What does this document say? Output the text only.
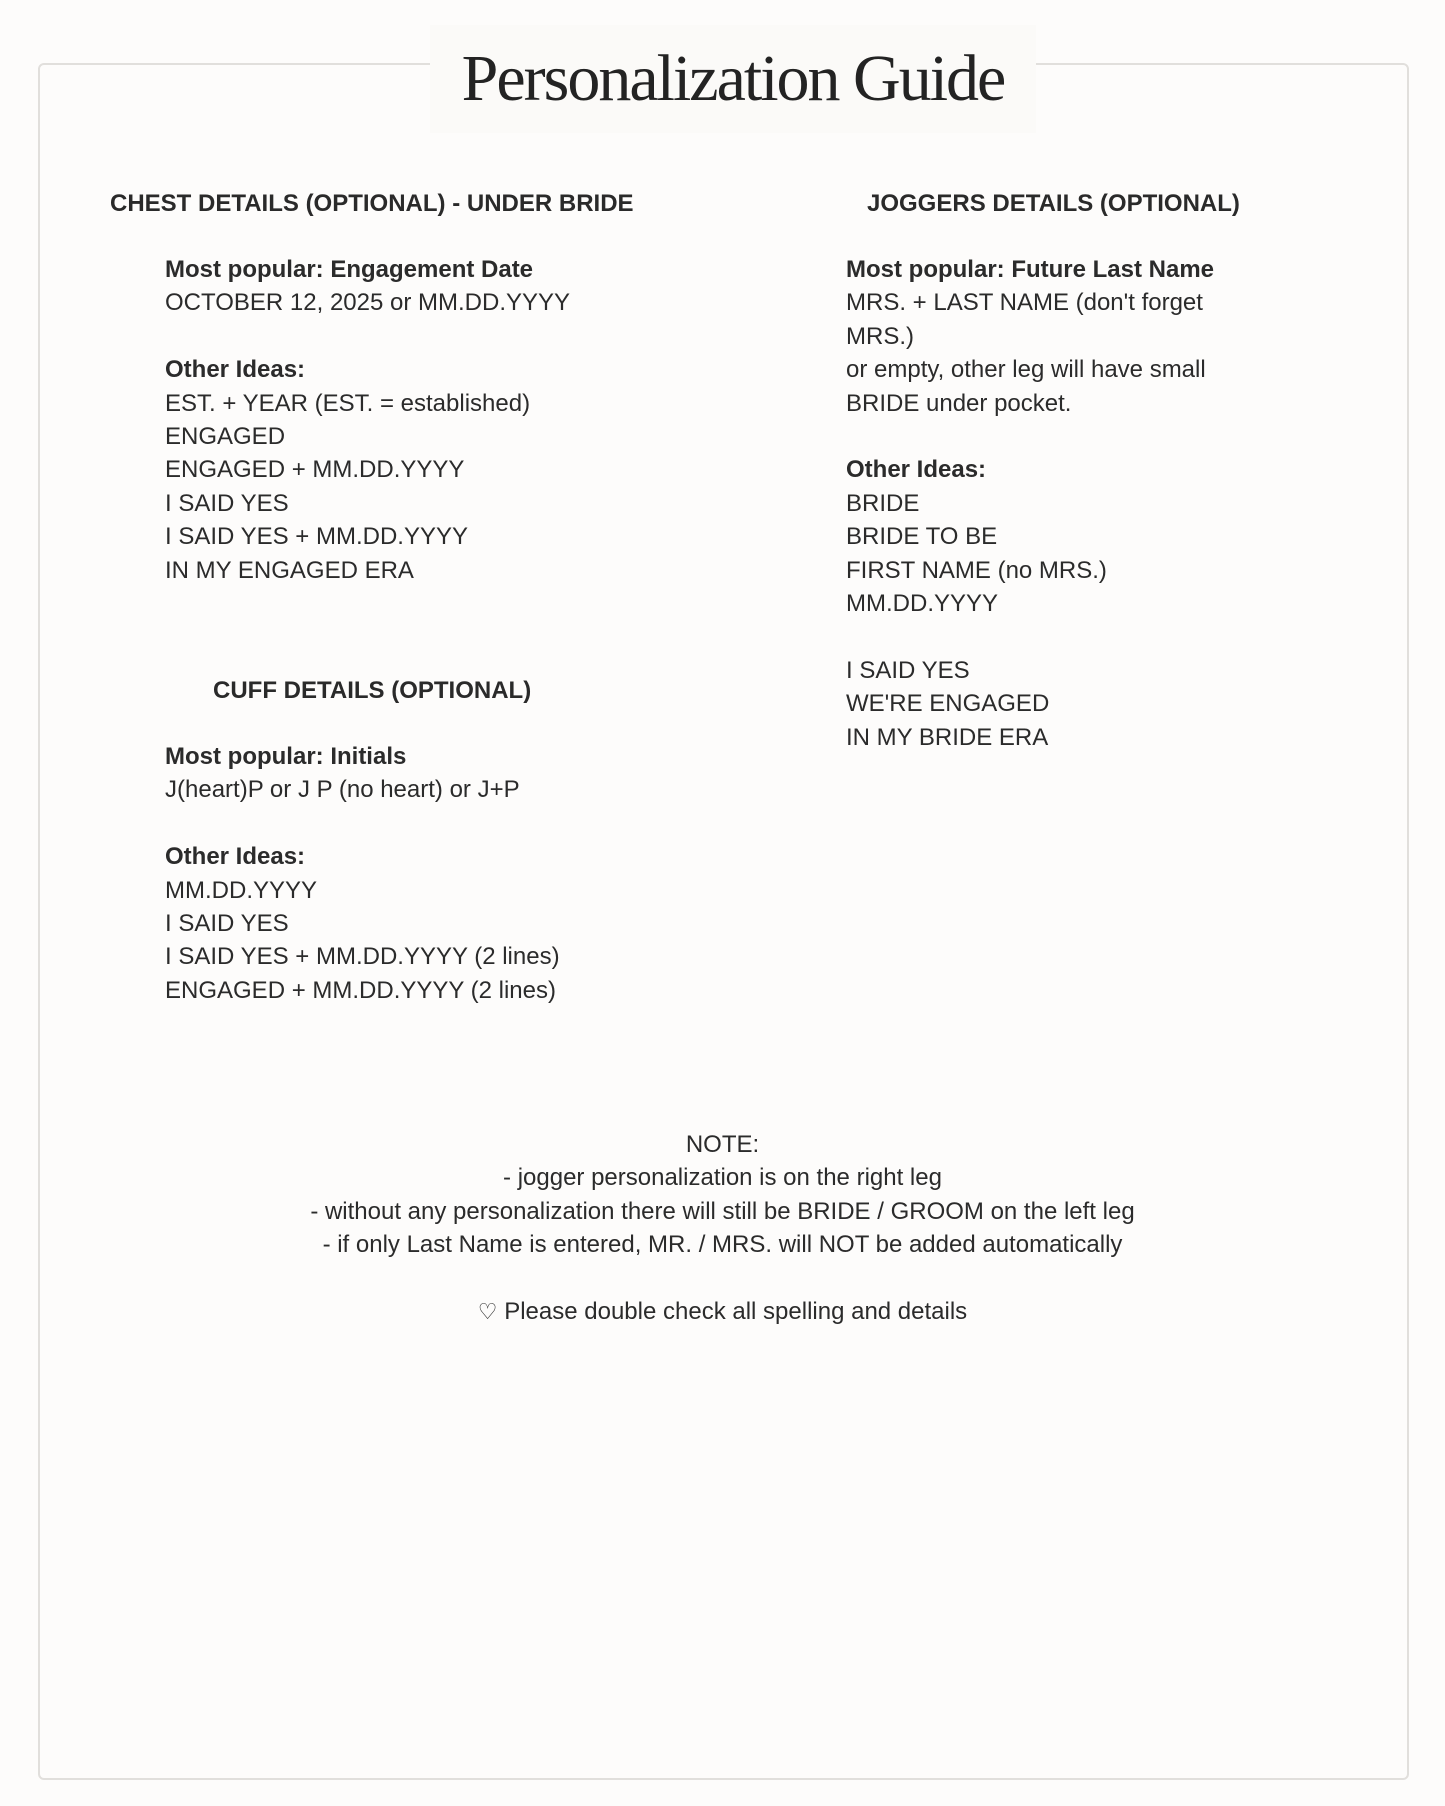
Personalization Guide
CHEST DETAILS (OPTIONAL) - UNDER BRIDE
Most popular: Engagement Date
OCTOBER 12, 2025 or MM.DD.YYYY
Other Ideas:
EST. + YEAR (EST. = established)
ENGAGED
ENGAGED + MM.DD.YYYY
I SAID YES
I SAID YES + MM.DD.YYYY
IN MY ENGAGED ERA
CUFF DETAILS (OPTIONAL)
Most popular: Initials
J(heart)P or J P (no heart) or J+P
Other Ideas:
MM.DD.YYYY
I SAID YES
I SAID YES + MM.DD.YYYY (2 lines)
ENGAGED + MM.DD.YYYY (2 lines)
JOGGERS DETAILS (OPTIONAL)
Most popular: Future Last Name
MRS. + LAST NAME (don't forget
MRS.)
or empty, other leg will have small
BRIDE under pocket.
Other Ideas:
BRIDE
BRIDE TO BE
FIRST NAME (no MRS.)
MM.DD.YYYY
I SAID YES
WE'RE ENGAGED
IN MY BRIDE ERA
NOTE:
- jogger personalization is on the right leg
- without any personalization there will still be BRIDE / GROOM on the left leg
- if only Last Name is entered, MR. / MRS. will NOT be added automatically
♡ Please double check all spelling and details
